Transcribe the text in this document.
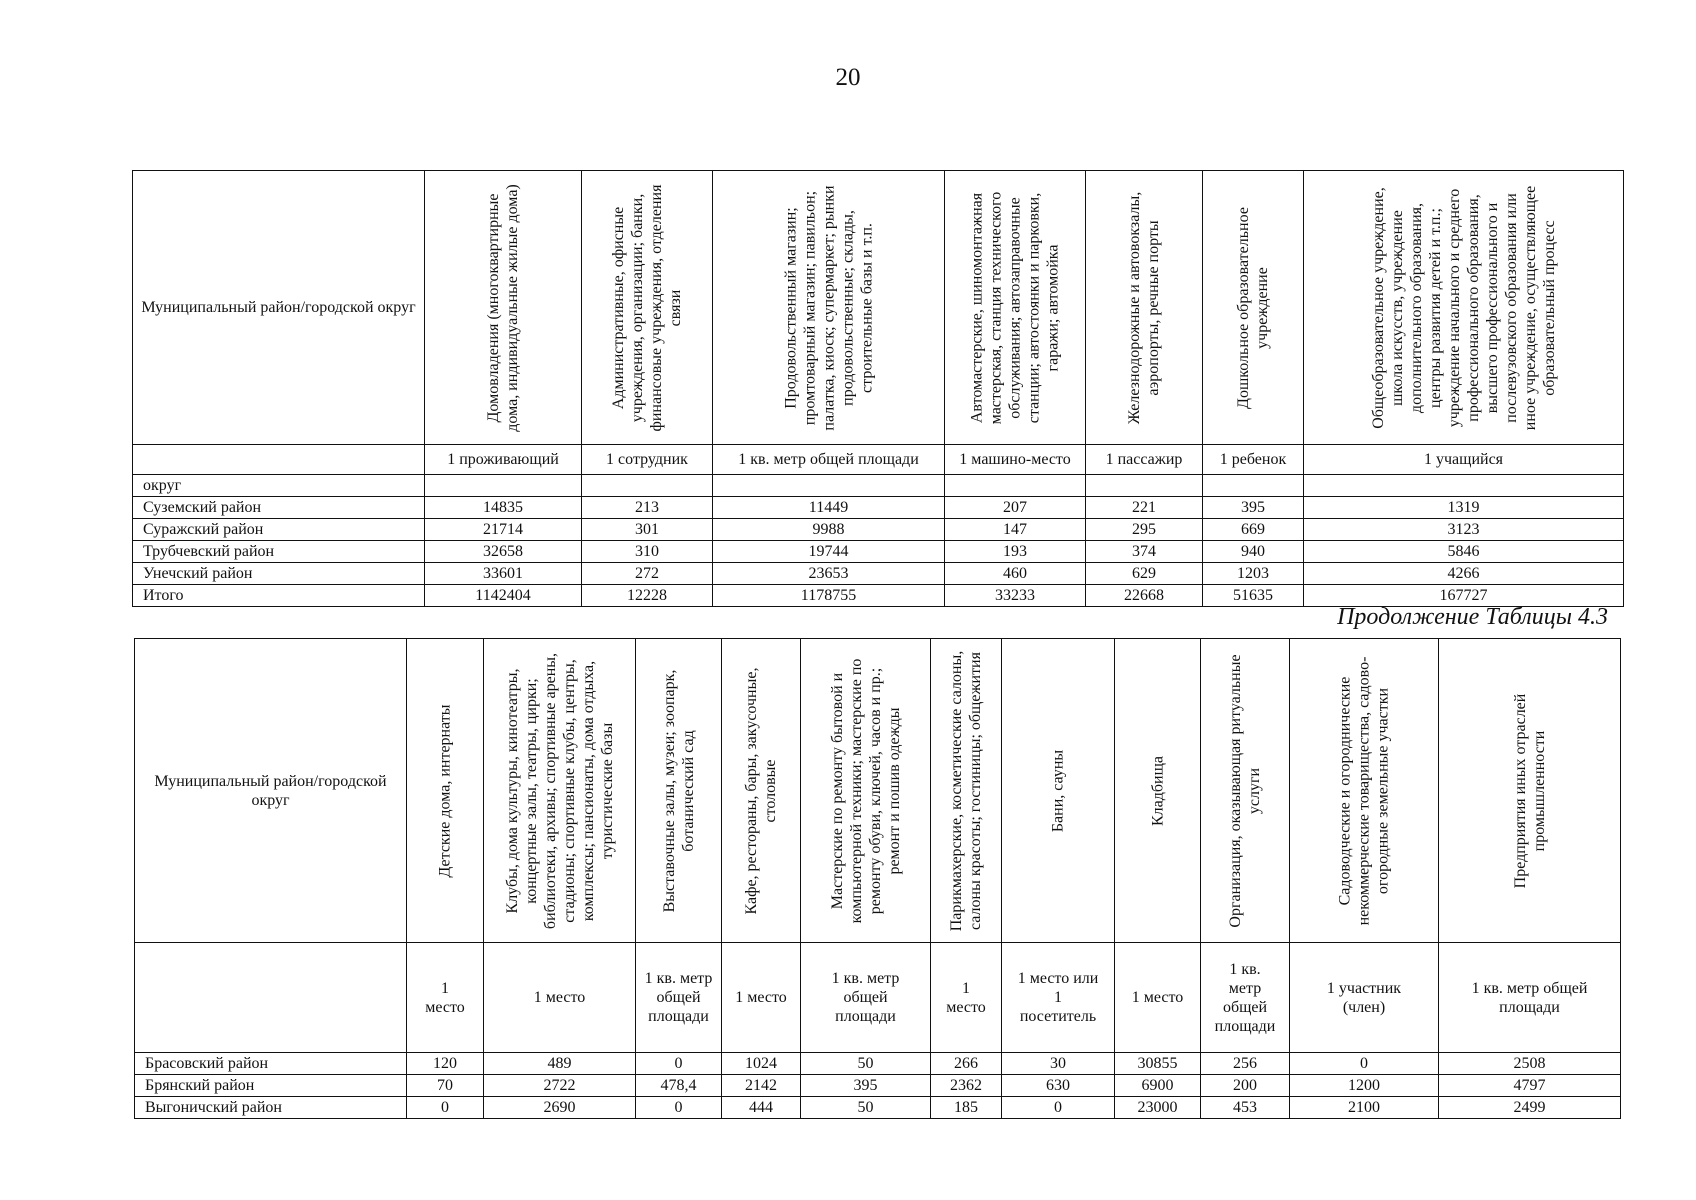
20
Муниципальный район/городской округ	Домовладения (многоквартирные дома, индивидуальные жилые дома)	Административные, офисные учреждения, организации; банки, финансовые учреждения, отделения связи	Продовольственный магазин; промтоварный магазин; павильон; палатка, киоск; супермаркет; рынки продовольственные; склады, строительные базы и т.п.	Автомастерские, шиномонтажная мастерская, станция технического обслуживания; автозаправочные станции; автостоянки и парковки, гаражи; автомойка	Железнодорожные и автовокзалы, аэропорты, речные порты	Дошкольное образовательное учреждение	Общеобразовательное учреждение, школа искусств, учреждение дополнительного образования, центры развития детей и т.п.; учреждение начального и среднего профессионального образования, высшего профессионального и послевузовского образования или иное учреждение, осуществляющее образовательный процесс

	1 проживающий	1 сотрудник	1 кв. метр общей площади	1 машино-место	1 пассажир	1 ребенок	1 учащийся
округ							
Суземский район	14835	213	11449	207	221	395	1319
Суражский район	21714	301	9988	147	295	669	3123
Трубчевский район	32658	310	19744	193	374	940	5846
Унечский район	33601	272	23653	460	629	1203	4266
Итого	1142404	12228	1178755	33233	22668	51635	167727
Продолжение Таблицы 4.3
Муниципальный район/городской округ	Детские дома, интернаты	Клубы, дома культуры, кинотеатры, концертные залы, театры, цирки; библиотеки, архивы; спортивные арены, стадионы; спортивные клубы, центры, комплексы; пансионаты, дома отдыха, туристические базы	Выставочные залы, музеи; зоопарк, ботанический сад	Кафе, рестораны, бары, закусочные, столовые	Мастерские по ремонту бытовой и компьютерной техники; мастерские по ремонту обуви, ключей, часов и пр.; ремонт и пошив одежды	Парикмахерские, косметические салоны, салоны красоты; гостиницы; общежития	Бани, сауны	Кладбища	Организация, оказывающая ритуальные услуги	Садоводческие и огороднические некоммерческие товарищества, садово-огородные земельные участки	Предприятия иных отраслей промышленности

	1 место	1 место	1 кв. метр общей площади	1 место	1 кв. метр общей площади	1 место	1 место или 1 посетитель	1 место	1 кв. метр общей площади	1 участник (член)	1 кв. метр общей площади
Брасовский район	120	489	0	1024	50	266	30	30855	256	0	2508
Брянский район	70	2722	478,4	2142	395	2362	630	6900	200	1200	4797
Выгоничский район	0	2690	0	444	50	185	0	23000	453	2100	2499
